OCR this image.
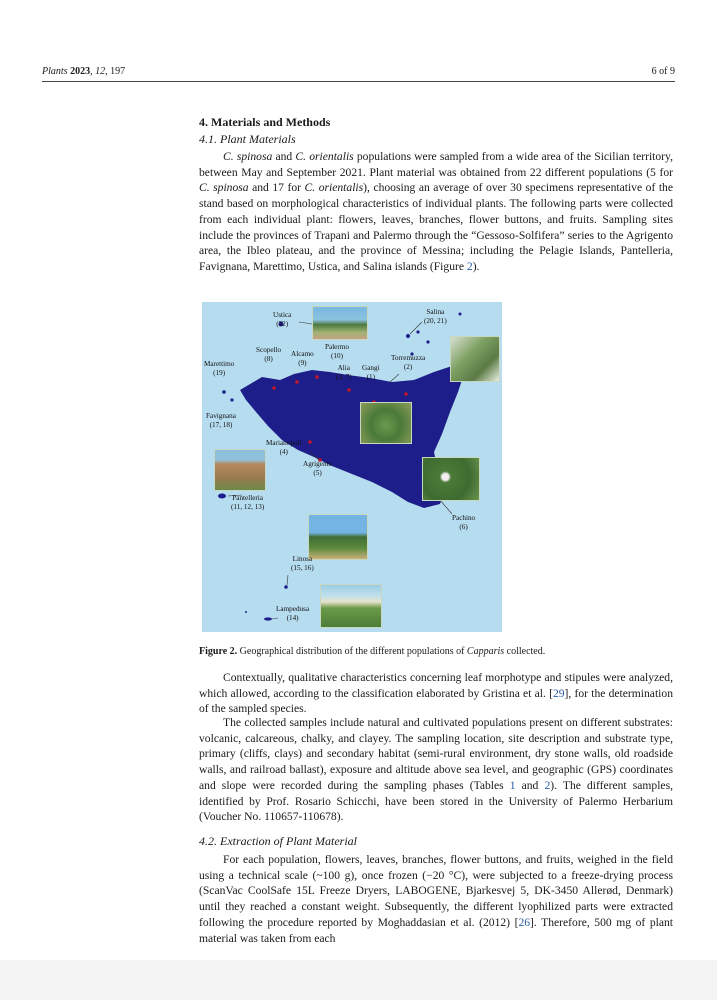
Plants 2023, 12, 197	6 of 9
4. Materials and Methods
4.1. Plant Materials

C. spinosa and C. orientalis populations were sampled from a wide area of the Sicilian territory, between May and September 2021. Plant material was obtained from 22 different populations (5 for C. spinosa and 17 for C. orientalis), choosing an average of over 30 specimens representative of the stand based on morphological characteristics of individual plants. The following parts were collected from each individual plant: flowers, leaves, branches, flower buttons, and fruits. Sampling sites include the provinces of Trapani and Palermo through the “Gessoso-Solfifera” series to the Agrigento area, the Ibleo plateau, and the province of Messina; including the Pelagie Islands, Pantelleria, Favignana, Marettimo, Ustica, and Salina islands (Figure 2).

Ustica
(22)
Salina
(20, 21)
Scopello
(8)
Alcamo
(9)
Palermo
(10)
Alia
(3, 7)
Gangi
(1)
Torremuzza
(2)
Marettimo
(19)
Favignana
(17, 18)
Marianopoli
(4)
Agrigento
(5)
Pantelleria
(11, 12, 13)
Pachino
(6)
Linosa
(15, 16)
Lampedusa
(14)
Figure 2. Geographical distribution of the different populations of Capparis collected.

Contextually, qualitative characteristics concerning leaf morphotype and stipules were analyzed, which allowed, according to the classification elaborated by Gristina et al. [29], for the determination of the sampled species.

The collected samples include natural and cultivated populations present on different substrates: volcanic, calcareous, chalky, and clayey. The sampling location, site description and substrate type, primary (cliffs, clays) and secondary habitat (semi-rural environment, dry stone walls, old roadside walls, and railroad ballast), exposure and altitude above sea level, and geographic (GPS) coordinates and slope were recorded during the sampling phases (Tables 1 and 2). The different samples, identified by Prof. Rosario Schicchi, have been stored in the University of Palermo Herbarium (Voucher No. 110657-110678).

4.2. Extraction of Plant Material

For each population, flowers, leaves, branches, flower buttons, and fruits, weighed in the field using a technical scale (~100 g), once frozen (−20 °C), were subjected to a freeze-drying process (ScanVac CoolSafe 15L Freeze Dryers, LABOGENE, Bjarkesvej 5, DK-3450 Allerød, Denmark) until they reached a constant weight. Subsequently, the different lyophilized parts were extracted following the procedure reported by Moghaddasian et al. (2012) [26]. Therefore, 500 mg of plant material was taken from each
